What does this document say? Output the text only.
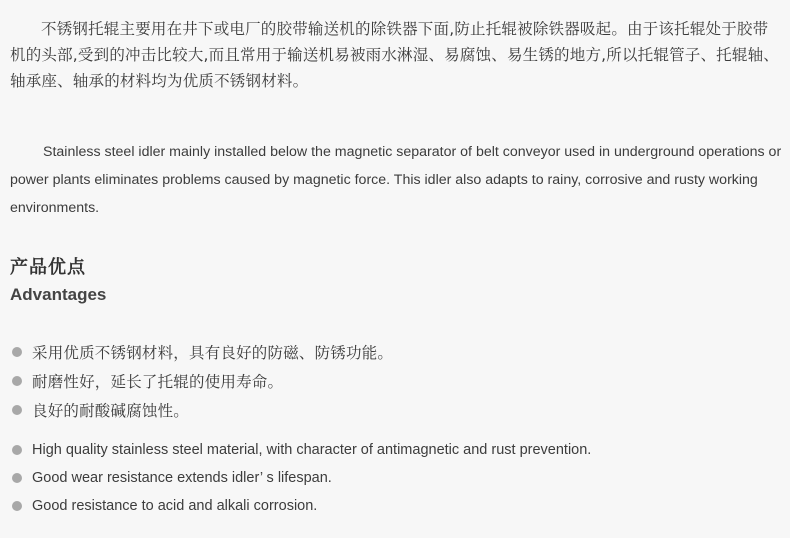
不锈钢托辊主要用在井下或电厂的胶带输送机的除铁器下面,防止托辊被除铁器吸起。由于该托辊处于胶带机的头部,受到的冲击比较大,而且常用于输送机易被雨水淋湿、易腐蚀、易生锈的地方,所以托辊管子、托辊轴、轴承座、轴承的材料均为优质不锈钢材料。

Stainless steel idler mainly installed below the magnetic separator of belt conveyor used in underground operations or power plants eliminates problems caused by magnetic force. This idler also adapts to rainy, corrosive and rusty working environments.

产品优点
Advantages
采用优质不锈钢材料，具有良好的防磁、防锈功能。
耐磨性好，延长了托辊的使用寿命。
良好的耐酸碱腐蚀性。
High quality stainless steel material, with character of antimagnetic and rust prevention.
Good wear resistance extends idler’ s lifespan.
Good resistance to acid and alkali corrosion.
